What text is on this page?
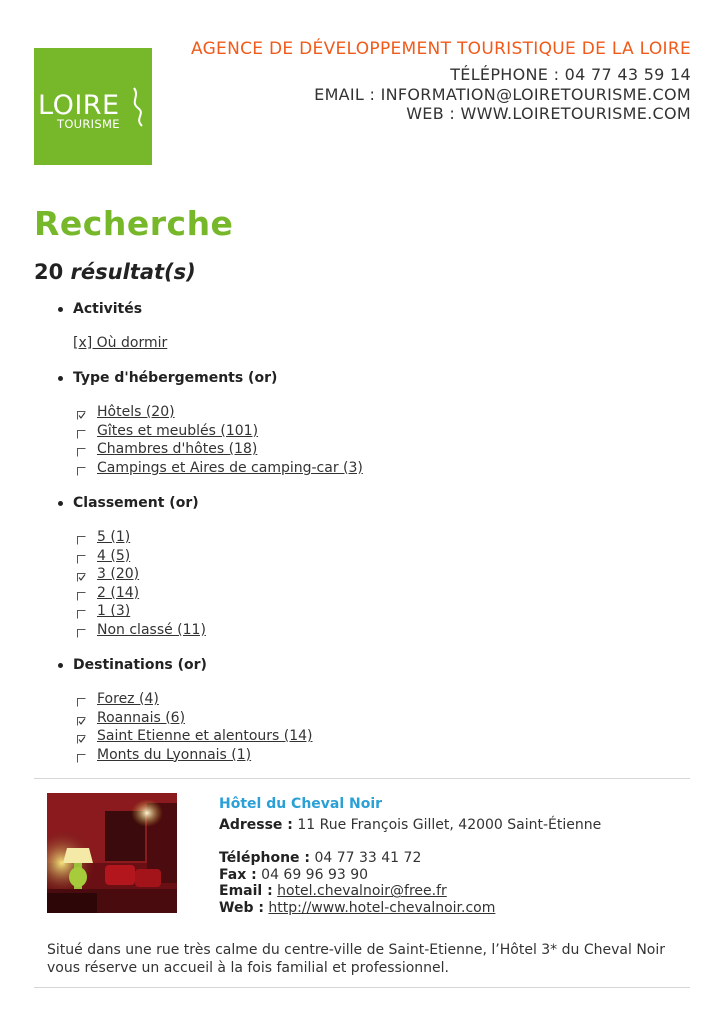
LOIRE
TOURISME
AGENCE DE DÉVELOPPEMENT TOURISTIQUE DE LA LOIRE
TÉLÉPHONE : 04 77 43 59 14
EMAIL : INFORMATION@LOIRETOURISME.COM
WEB : WWW.LOIRETOURISME.COM
Recherche
20 résultat(s)
Activités
[x] Où dormir
Type d'hébergements (or)
Hôtels (20)
Gîtes et meublés (101)
Chambres d'hôtes (18)
Campings et Aires de camping-car (3)
Classement (or)
5 (1)
4 (5)
3 (20)
2 (14)
1 (3)
Non classé (11)
Destinations (or)
Forez (4)
Roannais (6)
Saint Etienne et alentours (14)
Monts du Lyonnais (1)
Hôtel du Cheval Noir
Adresse : 11 Rue François Gillet, 42000 Saint-Étienne
Téléphone : 04 77 33 41 72
Fax : 04 69 96 93 90
Email : hotel.chevalnoir@free.fr
Web : http://www.hotel-chevalnoir.com
Situé dans une rue très calme du centre-ville de Saint-Etienne, l’Hôtel 3* du Cheval Noir vous réserve un accueil à la fois familial et professionnel.
